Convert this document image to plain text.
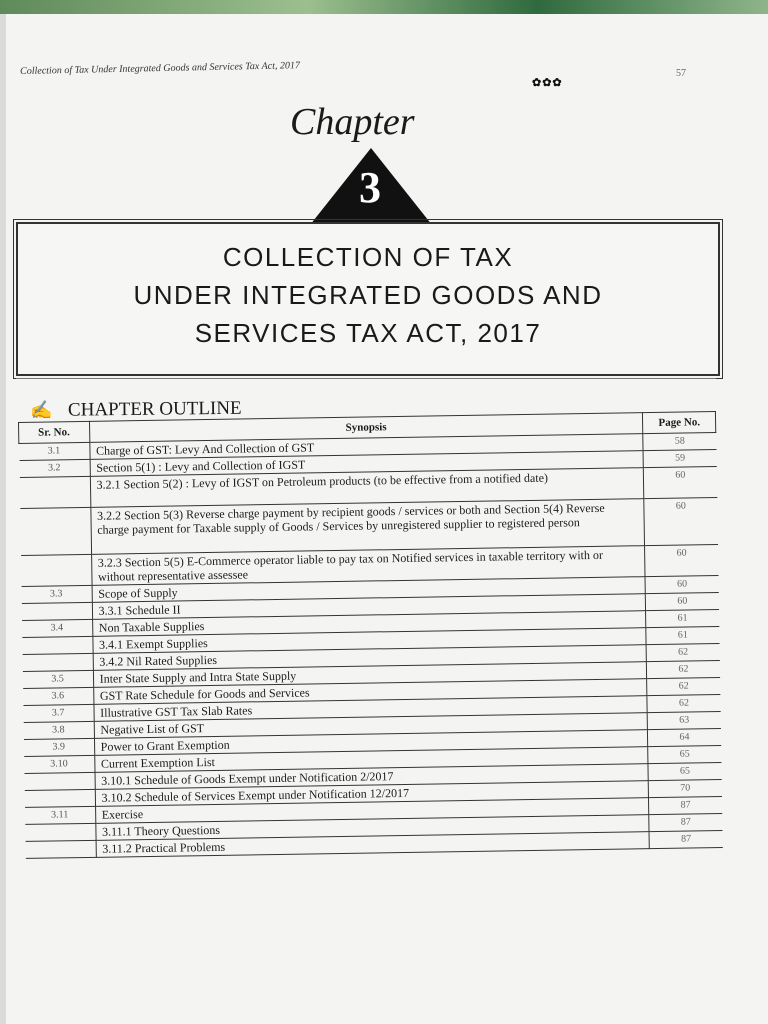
Collection of Tax Under Integrated Goods and Services Tax Act, 2017
✿✿✿
57
Chapter
3
COLLECTION OF TAX
UNDER INTEGRATED GOODS AND
SERVICES TAX ACT, 2017
✍ CHAPTER OUTLINE
Sr. No.	Synopsis	Page No.
3.1	Charge of GST: Levy And Collection of GST	58
3.2	Section 5(1) : Levy and Collection of IGST	59
	3.2.1 Section 5(2) : Levy of IGST on Petroleum products (to be effective from a notified date)	60
	3.2.2 Section 5(3) Reverse charge payment by recipient goods / services or both and Section 5(4) Reverse charge payment for Taxable supply of Goods / Services by unregistered supplier to registered person	60
	3.2.3 Section 5(5) E-Commerce operator liable to pay tax on Notified services in taxable territory with or without representative assessee	60
3.3	Scope of Supply	60
	3.3.1 Schedule II	60
3.4	Non Taxable Supplies	61
	3.4.1 Exempt Supplies	61
	3.4.2 Nil Rated Supplies	62
3.5	Inter State Supply and Intra State Supply	62
3.6	GST Rate Schedule for Goods and Services	62
3.7	Illustrative GST Tax Slab Rates	62
3.8	Negative List of GST	63
3.9	Power to Grant Exemption	64
3.10	Current Exemption List	65
	3.10.1 Schedule of Goods Exempt under Notification 2/2017	65
	3.10.2 Schedule of Services Exempt under Notification 12/2017	70
3.11	Exercise	87
	3.11.1 Theory Questions	87
	3.11.2 Practical Problems	87
